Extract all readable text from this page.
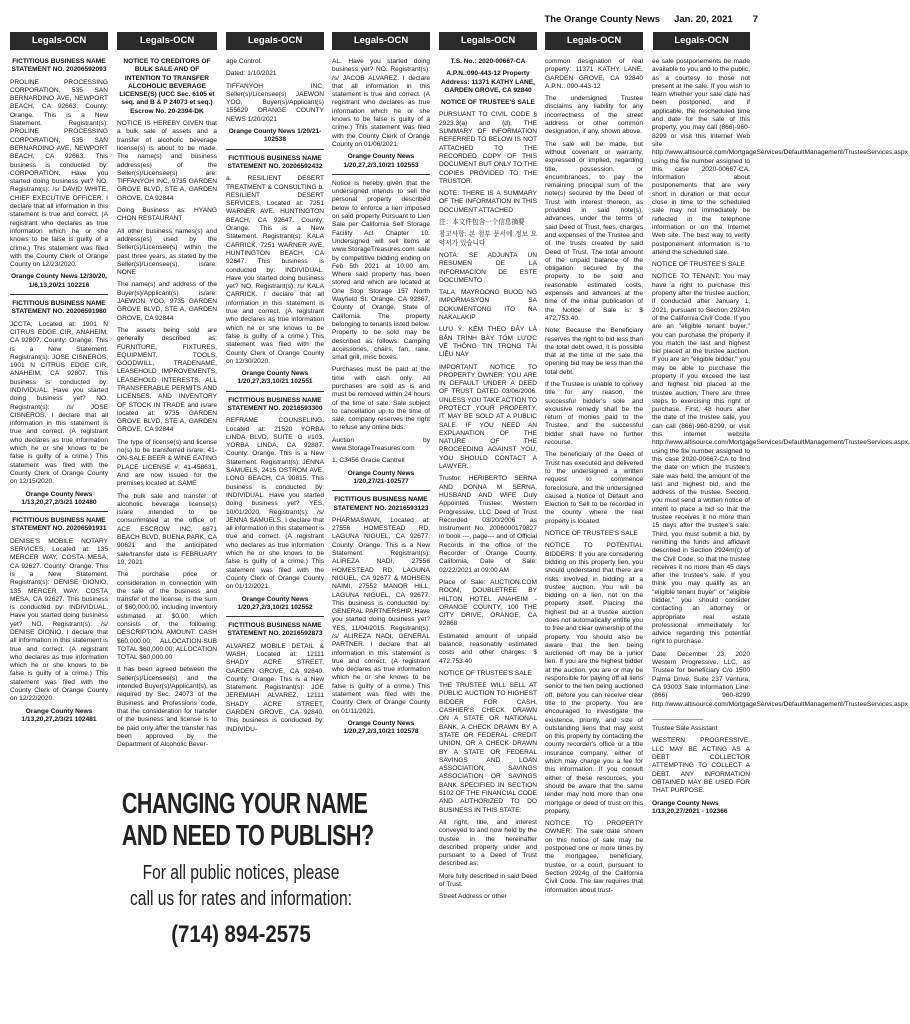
The Orange County News Jan. 20, 2021	7
Legals-OCN	Legals-OCN	Legals-OCN	Legals-OCN	Legals-OCN	Legals-OCN	Legals-OCN

FICTITIOUS BUSINESS NAME STATEMENT NO. 20206592093

PROLINE PROCESSING CORPORATION, 535 SAN BERNARDINO AVE, NEWPORT BEACH, CA 92663. County: Orange. This is a New Statement. Registrant(s): PROLINE PROCESSING CORPORATION, 535 SAN BERNARDINO AVE, NEWPORT BEACH, CA 92663. This business is conducted by: CORPORATION. Have you started doing business yet? NO. Registrant(s): /s/ DAVID WHITE, CHIEF EXECUTIVE OFFICER. I declare that all information in this statement is true and correct. (A registrant who declares as true information which he or she knows to be false is guilty of a crime.) This statement was filed with the County Clerk of Orange County on 12/23/2020.

Orange County News 12/30/20, 1/6,13,20/21 102216

FICTITIOUS BUSINESS NAME STATEMENT NO. 20206591980

JCCTA, Located at: 1901 N CITRUS EDGE CIR, ANAHEIM, CA 92807. County: Orange. This is a New Statement. Registrant(s): JOSE CISNEROS, 1901 N CITRUS EDGE CIR, ANAHEIM, CA 92807. This business is conducted by: INDIVIDUAL. Have you started doing business yet? NO. Registrant(s): /s/ JOSE CISNEROS. I declare that all information in this statement is true and correct. (A registrant who declares as true information which he or she knows to be false is guilty of a crime.) This statement was filed with the County Clerk of Orange County on 12/15/2020.

Orange County News 1/13,20,27,2/3/21 102480

FICTITIOUS BUSINESS NAME STATEMENT NO. 20206591931

DENISE'S MOBILE NOTARY SERVICES, Located at: 135 MERCER WAY, COSTA MESA, CA 92627. County: Orange. This is a New Statement. Registrant(s): DENISE DIONIO, 135 MERCER WAY, COSTA MESA, CA 92627. This business is conducted by: INDIVIDUAL. Have you started doing business yet? NO. Registrant(s): /s/ DENISE DIONIO. I declare that all information in this statement is true and correct. (A registrant who declares as true information which he or she knows to be false is guilty of a crime.) This statement was filed with the County Clerk of Orange County on 12/22/2020.

Orange County News 1/13,20,27,2/3/21 102481

NOTICE TO CREDITORS OF BULK SALE AND OF INTENTION TO TRANSFER ALCOHOLIC BEVERAGE LICENSE(S) (UCC Sec. 6105 et seq. and B & P 24073 et seq.) Escrow No. 20-2394-DK

NOTICE IS HEREBY GIVEN that a bulk sale of assets and a transfer of alcoholic beverage license(s) is about to be made. The name(s) and business address(es) of the Seller(s)/Licensee(s) are: TIFFANYOH INC, 9735 GARDEN GROVE BLVD, STE A, GARDEN GROVE, CA 92844

Doing Business as: HYANG CHON RESTAURANT

All other business names(s) and address(es) used by the Seller(s)/Licensee(s) within the past three years, as stated by the Seller(s)/Licensee(s), is/are: NONE

The name(s) and address of the Buyer(s)/Applicant(s) is/are: JAEWON YOO, 9735 GARDEN GROVE BLVD, STE A, GARDEN GROVE, CA 92844

The assets being sold are generally described as: FURNITURE, FIXTURES, EQUIPMENT, TOOLS, GOODWILL, TRADENAME, LEASEHOLD IMPROVEMENTS, LEASEHOLD INTERESTS, ALL TRANSFERABLE PERMITS AND LICENSES, AND INVENTORY OF STOCK IN TRADE and is/are located at: 9735 GARDEN GROVE BLVD, STE A, GARDEN GROVE, CA 92844

The type of license(s) and license no(s) to be transferred is/are: 41-ON-SALE BEER & WINE EATING PLACE LICENSE #: 41-458631, And are now issued for the premises located at: SAME

The bulk sale and transfer of alcoholic beverage license(s) is/are intended to be consummated at the office of: ACE ESCROW INC, 6871 BEACH BLVD, BUENA PARK, CA 90621 and the anticipated sale/transfer date is FEBRUARY 19, 2021

The purchase price or consideration in connection with the sale of the business and transfer of the license, is the sum of $60,000.00, including inventory estimated at $0.00, which consists of the following: DESCRIPTION, AMOUNT: CASH $60,000.00; ALLOCATION-SUB TOTAL $60,000.00; ALLOCATION TOTAL $60,000.00

It has been agreed between the Seller(s)/Licensee(s) and the intended Buyer(s)/Applicant(s), as required by Sec. 24073 of the Business and Professions code, that the consideration for transfer of the business and license is to be paid only after the transfer has been approved by the Department of Alcoholic Bever-

age Control.

Dated: 1/10/2021

TIFFANYOH INC, Seller(s)/Licensee(s) JAEWON YOO, Buyer(s)/Applicant(s) 155629 ORANGE COUNTY NEWS 1/20/2021

Orange County News 1/20/21-102538

FICTITIOUS BUSINESS NAME STATEMENT NO. 20206592432

a. RESILIENT DESERT TREATMENT & CONSULTING b. RESILIENT DESERT SERVICES, Located at: 7251 WARNER AVE, HUNTINGTON BEACH, CA 92647. County: Orange. This is a New Statement. Registrant(s): KALA CARRICK, 7251 WARNER AVE, HUNTINGTON BEACH, CA 92647. This business is conducted by: INDIVIDUAL. Have you started doing business yet? NO. Registrant(s): /s/ KALA CARRICK. I declare that all information in this statement is true and correct. (A registrant who declares as true information which he or she knows to be false is guilty of a crime.) This statement was filed with the County Clerk of Orange County on 12/30/2020.

Orange County News 1/20,27,2/3,10/21 102551

FICTITIOUS BUSINESS NAME STATEMENT NO. 20216593300

REFRAME COUNSELING, Located at: 21520 YORBA LINDA BLVD, SUITE G #103, YORBA LINDA, CA 92887. County: Orange. This is a New Statement. Registrant(s): JENNA SAMUELS, 2415 OSTROM AVE, LONG BEACH, CA 90815. This business is conducted by: INDIVIDUAL. Have you started doing business yet? YES, 10/01/2020. Registrant(s): /s/ JENNA SAMUELS. I declare that all information in this statement is true and correct. (A registrant who declares as true information which he or she knows to be false is guilty of a crime.) This statement was filed with the County Clerk of Orange County on 01/12/2021.

Orange County News 1/20,27,2/3,10/21 102552

FICTITIOUS BUSINESS NAME STATEMENT NO. 20216592873

ALVAREZ MOBILE DETAIL & WASH, Located at: 12111 SHADY ACRE STREET, GARDEN GROVE, CA 92840. County: Orange. This is a New Statement. Registrant(s): JOE JEREMIAH ALVAREZ, 12111 SHADY ACRE STREET, GARDEN GROVE, CA 92840. This business is conducted by: INDIVIDU-

AL. Have you started doing business yet? NO. Registrant(s): /s/ JACOB ALVAREZ. I declare that all information in this statement is true and correct. (A registrant who declares as true information which he or she knows to be false is guilty of a crime.) This statement was filed with the County Clerk of Orange County on 01/06/2021.

Orange County News 1/20,27,2/3,10/21 102553

Notice is hereby given that the undersigned intends to sell the personal property described below to enforce a lien imposed on said property Pursuant to Lien Sale per California Self Storage Facility Act Chapter 10. Undersigned will sell items at www.StorageTreasures.com sale by competitive bidding ending on Feb 5th 2021 at 10:00 am. Where said property has been stored and which are located at One Stop Storage 157 North Wayfield St. Orange, CA 92867, County of Orange, State of California. The property belonging to tenants listed below. Property to be sold may be described as follows: Camping accessories, chairs, fan, rake, small grill, misc boxes.

Purchases must be paid at the time with cash only. All purchases are sold as is and must be removed within 24 hours of the time of sale. Sale subject to cancellation up to the time of sale, company reserves the right to refuse any online bids.

Auction by www.StorageTreasures.com

1. C3456 Gracie Cantrell

Orange County News 1/20,27/21-102577

FICTITIOUS BUSINESS NAME STATEMENT NO. 20216593123

PHARMASWAN, Located at: 27556 HOMESTEAD RD, LAGUNA NIGUEL, CA 92677. County: Orange. This is a New Statement. Registrant(s): ALIREZA NADI, 27556 HOMESTEAD RD, LAGUNA NIGUEL, CA 92677 & MOHSEN NAIMI, 27552 MANOR HILL, LAGUNA NIGUEL, CA 92677. This business is conducted by: GENERAL PARTNERSHIP. Have you started doing business yet? YES, 11/04/2015. Registrant(s): /s/ ALIREZA NADI, GENERAL PARTNER. I declare that all information in this statement is true and correct. (A registrant who declares as true information which he or she knows to be false is guilty of a crime.) This statement was filed with the County Clerk of Orange County on 01/11/2021.

Orange County News 1/20,27,2/3,10/21 102578

T.S. No.: 2020-00667-CA

A.P.N.:090-443-12 Property Address: 11371 KATHY LANE, GARDEN GROVE, CA 92840

NOTICE OF TRUSTEE'S SALE

PURSUANT TO CIVIL CODE § 2923.3(a) and (d), THE SUMMARY OF INFORMATION REFERRED TO BELOW IS NOT ATTACHED TO THE RECORDED COPY OF THIS DOCUMENT BUT ONLY TO THE COPIES PROVIDED TO THE TRUSTOR.

NOTE: THERE IS A SUMMARY OF THE INFORMATION IN THIS DOCUMENT ATTACHED

注：本文件包含一个信息摘要

참고사항: 본 첨부 문서에 정보 요약서가 있습니다

NOTA: SE ADJUNTA UN RESUMEN DE LA INFORMACION DE ESTE DOCUMENTO

TALA: MAYROONG BUOD NG IMPORMASYON SA DOKUMENTONG ITO NA NAKALAKIP

LƯU Ý: KÈM THEO ĐÂY LÀ BẢN TRÌNH BÀY TÓM LƯỢC VỀ THÔNG TIN TRONG TÀI LIỆU NÀY

IMPORTANT NOTICE TO PROPERTY OWNER: YOU ARE IN DEFAULT UNDER A DEED OF TRUST DATED 03/06/2006. UNLESS YOU TAKE ACTION TO PROTECT YOUR PROPERTY, IT MAY BE SOLD AT A PUBLIC SALE. IF YOU NEED AN EXPLANATION OF THE NATURE OF THE PROCEEDING AGAINST YOU, YOU SHOULD CONTACT A LAWYER.

Trustor: HERIBERTO SERNA AND DONNA M SERNA, HUSBAND AND WIFE Duly Appointed Trustee: Western Progressive, LLC Deed of Trust Recorded 03/20/2006 as Instrument No. 2006000179827 in book ---, page--- and of Official Records in the office of the Recorder of Orange County, California, Date of Sale: 02/22/2021 at 09:00 AM

Place of Sale: AUCTION.COM ROOM, DOUBLETREE BY HILTON HOTEL ANAHEIM - ORANGE COUNTY, 100 THE CITY DRIVE, ORANGE, CA 92868

Estimated amount of unpaid balance, reasonably estimated costs and other charges: $ 472,753.40

NOTICE OF TRUSTEE'S SALE

THE TRUSTEE WILL SELL AT PUBLIC AUCTION TO HIGHEST BIDDER FOR CASH, CASHIER'S CHECK DRAWN ON A STATE OR NATIONAL BANK, A CHECK DRAWN BY A STATE OR FEDERAL CREDIT UNION, OR A CHECK DRAWN BY A STATE OR FEDERAL SAVINGS AND LOAN ASSOCIATION, SAVINGS ASSOCIATION OR SAVINGS BANK SPECIFIED IN SECTION 5102 OF THE FINANCIAL CODE AND AUTHORIZED TO DO BUSINESS IN THIS STATE:

All right, title, and interest conveyed to and now held by the trustee in the hereinafter described property under and pursuant to a Deed of Trust described as:

More fully described in said Deed of Trust.

Street Address or other

common designation of real property: 11371 KATHY LANE, GARDEN GROVE, CA 92840 A.P.N.: 090-443-12

The undersigned Trustee disclaims any liability for any incorrectness of the street address or other common designation, if any, shown above.

The sale will be made, but without covenant or warranty, expressed or implied, regarding title, possession, or encumbrances, to pay the remaining principal sum of the note(s) secured by the Deed of Trust with interest thereon, as provided in said note(s), advances, under the terms of said Deed of Trust, fees, charges and expenses of the Trustee and of the trusts created by said Deed of Trust. The total amount of the unpaid balance of the obligation secured by the property to be sold and reasonable estimated costs, expenses and advances at the time of the initial publication of the Notice of Sale is: $ 472,753.40.

Note: Because the Beneficiary reserves the right to bid less than the total debt owed, it is possible that at the time of the sale the opening bid may be less than the total debt.

If the Trustee is unable to convey title for any reason, the successful bidder's sole and exclusive remedy shall be the return of monies paid to the Trustee, and the successful bidder shall have no further recourse.

The beneficiary of the Deed of Trust has executed and delivered to the undersigned a written request to commence foreclosure, and the undersigned caused a Notice of Default and Election to Sell to be recorded in the county where the real property is located.

NOTICE OF TRUSTEE'S SALE

NOTICE TO POTENTIAL BIDDERS: If you are considering bidding on this property lien, you should understand that there are risks involved in bidding at a trustee auction. You will be bidding on a lien, not on the property itself. Placing the highest bid at a trustee auction does not automatically entitle you to free and clear ownership of the property. You should also be aware that the lien being auctioned off may be a junior lien. If you are the highest bidder at the auction, you are or may be responsible for paying off all liens senior to the lien being auctioned off, before you can receive clear title to the property. You are encouraged to investigate the existence, priority, and size of outstanding liens that may exist on this property by contacting the county recorder's office or a title insurance company, either of which may charge you a fee for this information. If you consult either of these resources, you should be aware that the same lender may hold more than one mortgage or deed of trust on this property.

NOTICE TO PROPERTY OWNER: The sale date shown on this notice of sale may be postponed one or more times by the mortgagee, beneficiary, trustee, or a court, pursuant to Section 2924g of the California Civil Code. The law requires that information about trust-

ee sale postponements be made available to you and to the public, as a courtesy to those not present at the sale. If you wish to learn whether your sale date has been postponed, and if applicable, the rescheduled time and date for the sale of this property, you may call (866)-960-8299 or visit this Internet Web site http://www.altisource.com/MortgageServices/DefaultManagement/TrusteeServices.aspx using the file number assigned to this case 2020-00667-CA. Information about postponements that are very short in duration or that occur close in time to the scheduled sale may not immediately be reflected in the telephone information or on the Internet Web site. The best way to verify postponement information is to attend the scheduled sale.

NOTICE OF TRUSTEE'S SALE

NOTICE TO TENANT: You may have a right to purchase this property after the trustee auction, if conducted after January 1, 2021, pursuant to Section 2924m of the California Civil Code. If you are an "eligible tenant buyer," you can purchase the property if you match the last and highest bid placed at the trustee auction. If you are an "eligible bidder," you may be able to purchase the property if you exceed the last and highest bid placed at the trustee auction. There are three steps to exercising this right of purchase. First, 48 hours after the date of the trustee sale, you can call (866)-960-8299, or visit this internet website http://www.altisource.com/MortgageServices/DefaultManagement/TrusteeServices.aspx, using the file number assigned to this case 2020-00667-CA to find the date on which the trustee's sale was held, the amount of the last and highest bid, and the address of the trustee. Second, you must send a written notice of intent to place a bid so that the trustee receives it no more than 15 days after the trustee's sale. Third, you must submit a bid, by remitting the funds and affidavit described in Section 2924m(c) of the Civil Code, so that the trustee receives it no more than 45 days after the trustee's sale. If you think you may qualify as an "eligible tenant buyer" or "eligible bidder," you should consider contacting an attorney or appropriate real estate professional immediately for advice regarding this potential right to purchase.

Date: December 23, 2020 Western Progressive, LLC, as Trustee for beneficiary C/o 1500 Palma Drive, Suite 237 Ventura, CA 93003 Sale Information Line: (866) 960-8299 http://www.altisource.com/MortgageServices/DefaultManagement/TrusteeServices.aspx

______________

Trustee Sale Assistant

WESTERN PROGRESSIVE, LLC MAY BE ACTING AS A DEBT COLLECTOR ATTEMPTING TO COLLECT A DEBT. ANY INFORMATION OBTAINED MAY BE USED FOR THAT PURPOSE.

Orange County News 1/13,20,27/2021 - 102366

CHANGING YOUR NAME
AND NEED TO PUBLISH?
For all public notices, please
call us for rates and information:
(714) 894-2575
